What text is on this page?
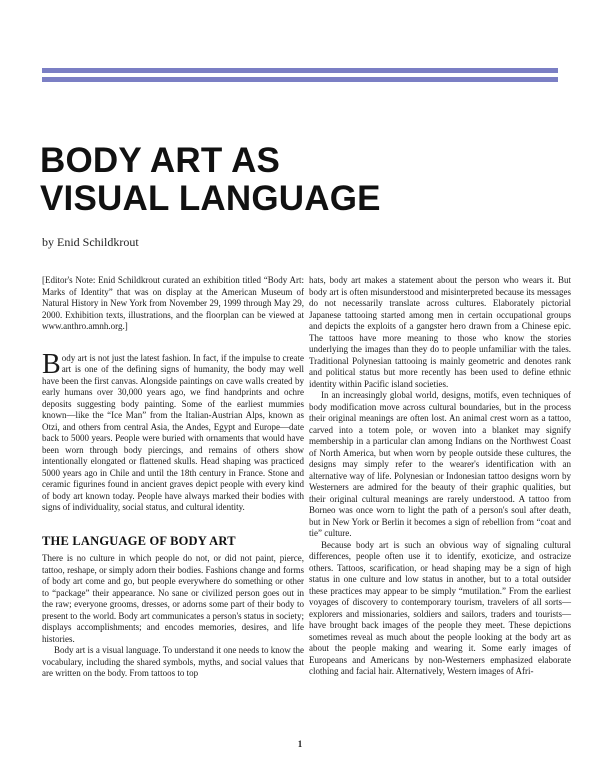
BODY ART AS
VISUAL LANGUAGE

by Enid Schildkrout

[Editor's Note: Enid Schildkrout curated an exhibition titled “Body Art: Marks of Identity” that was on display at the American Museum of Natural History in New York from November 29, 1999 through May 29, 2000. Exhibition texts, illustrations, and the floorplan can be viewed at www.anthro.amnh.org.]

Body art is not just the latest fashion. In fact, if the impulse to create art is one of the defining signs of humanity, the body may well have been the first canvas. Alongside paintings on cave walls created by early humans over 30,000 years ago, we find handprints and ochre deposits suggesting body painting. Some of the earliest mummies known—like the “Ice Man” from the Italian-Austrian Alps, known as Otzi, and others from central Asia, the Andes, Egypt and Europe—date back to 5000 years. People were buried with ornaments that would have been worn through body piercings, and remains of others show intentionally elongated or flattened skulls. Head shaping was practiced 5000 years ago in Chile and until the 18th century in France. Stone and ceramic figurines found in ancient graves depict people with every kind of body art known today. People have always marked their bodies with signs of individuality, social status, and cultural identity.

THE LANGUAGE OF BODY ART

There is no culture in which people do not, or did not paint, pierce, tattoo, reshape, or simply adorn their bodies. Fashions change and forms of body art come and go, but people everywhere do something or other to “package” their appearance. No sane or civilized person goes out in the raw; everyone grooms, dresses, or adorns some part of their body to present to the world. Body art communicates a person's status in society; displays accomplishments; and encodes memories, desires, and life histories.

Body art is a visual language. To understand it one needs to know the vocabulary, including the shared symbols, myths, and social values that are written on the body. From tattoos to top

hats, body art makes a statement about the person who wears it. But body art is often misunderstood and misinterpreted because its messages do not necessarily translate across cultures. Elaborately pictorial Japanese tattooing started among men in certain occupational groups and depicts the exploits of a gangster hero drawn from a Chinese epic. The tattoos have more meaning to those who know the stories underlying the images than they do to people unfamiliar with the tales. Traditional Polynesian tattooing is mainly geometric and denotes rank and political status but more recently has been used to define ethnic identity within Pacific island societies.

In an increasingly global world, designs, motifs, even techniques of body modification move across cultural boundaries, but in the process their original meanings are often lost. An animal crest worn as a tattoo, carved into a totem pole, or woven into a blanket may signify membership in a particular clan among Indians on the Northwest Coast of North America, but when worn by people outside these cultures, the designs may simply refer to the wearer's identification with an alternative way of life. Polynesian or Indonesian tattoo designs worn by Westerners are admired for the beauty of their graphic qualities, but their original cultural meanings are rarely understood. A tattoo from Borneo was once worn to light the path of a person's soul after death, but in New York or Berlin it becomes a sign of rebellion from “coat and tie” culture.

Because body art is such an obvious way of signaling cultural differences, people often use it to identify, exoticize, and ostracize others. Tattoos, scarification, or head shaping may be a sign of high status in one culture and low status in another, but to a total outsider these practices may appear to be simply “mutilation.” From the earliest voyages of discovery to contemporary tourism, travelers of all sorts—explorers and missionaries, soldiers and sailors, traders and tourists—have brought back images of the people they meet. These depictions sometimes reveal as much about the people looking at the body art as about the people making and wearing it. Some early images of Europeans and Americans by non-Westerners emphasized elaborate clothing and facial hair. Alternatively, Western images of Afri-

1
